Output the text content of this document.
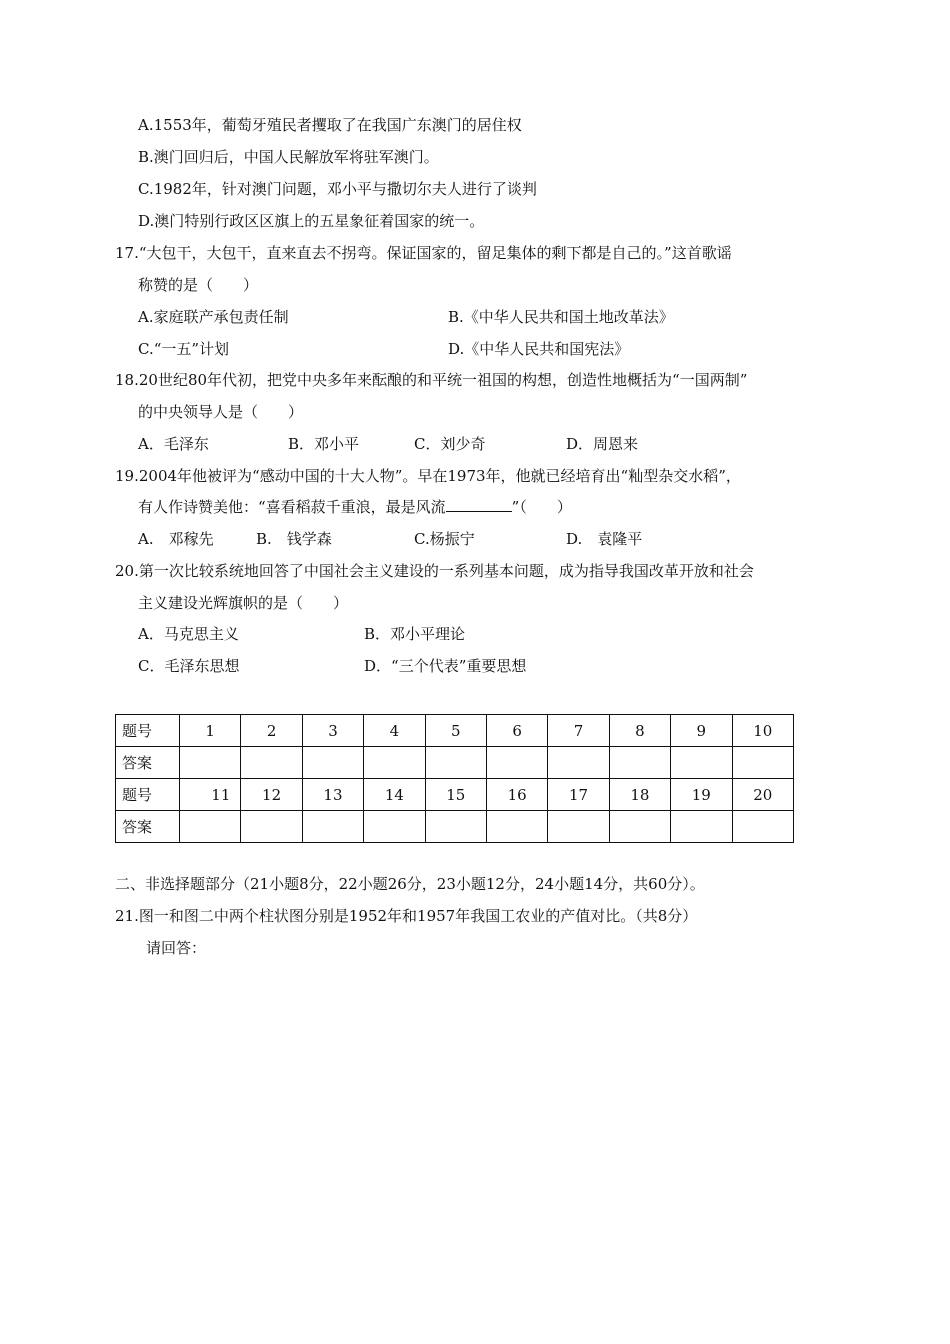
A.1553年，葡萄牙殖民者攫取了在我国广东澳门的居住权
B.澳门回归后，中国人民解放军将驻军澳门。
C.1982年，针对澳门问题，邓小平与撒切尔夫人进行了谈判
D.澳门特别行政区区旗上的五星象征着国家的统一。
17.“大包干，大包干，直来直去不拐弯。保证国家的，留足集体的剩下都是自己的。”这首歌谣
称赞的是（　　）
A.家庭联产承包责任制	B.《中华人民共和国土地改革法》
C.“一五”计划	D.《中华人民共和国宪法》
18.20世纪80年代初，把党中央多年来酝酿的和平统一祖国的构想，创造性地概括为“一国两制”
的中央领导人是（　　）
A．毛泽东	B．邓小平	C．刘少奇	D．周恩来
19.2004年他被评为“感动中国的十大人物”。早在1973年，他就已经培育出“籼型杂交水稻”，
有人作诗赞美他：“喜看稻菽千重浪，最是风流	”（　　）
A.　邓稼先	B.　钱学森	C.杨振宁	D.　袁隆平
20.第一次比较系统地回答了中国社会主义建设的一系列基本问题，成为指导我国改革开放和社会
主义建设光辉旗帜的是（　　）
A．马克思主义	B．邓小平理论
C．毛泽东思想	D．“三个代表”重要思想
题号	1	2	3	4	5	6	7	8	9	10
答案										
题号	11	12	13	14	15	16	17	18	19	20
答案										
二、非选择题部分（21小题8分，22小题26分，23小题12分，24小题14分，共60分）。
21.图一和图二中两个柱状图分别是1952年和1957年我国工农业的产值对比。（共8分）
请回答：
